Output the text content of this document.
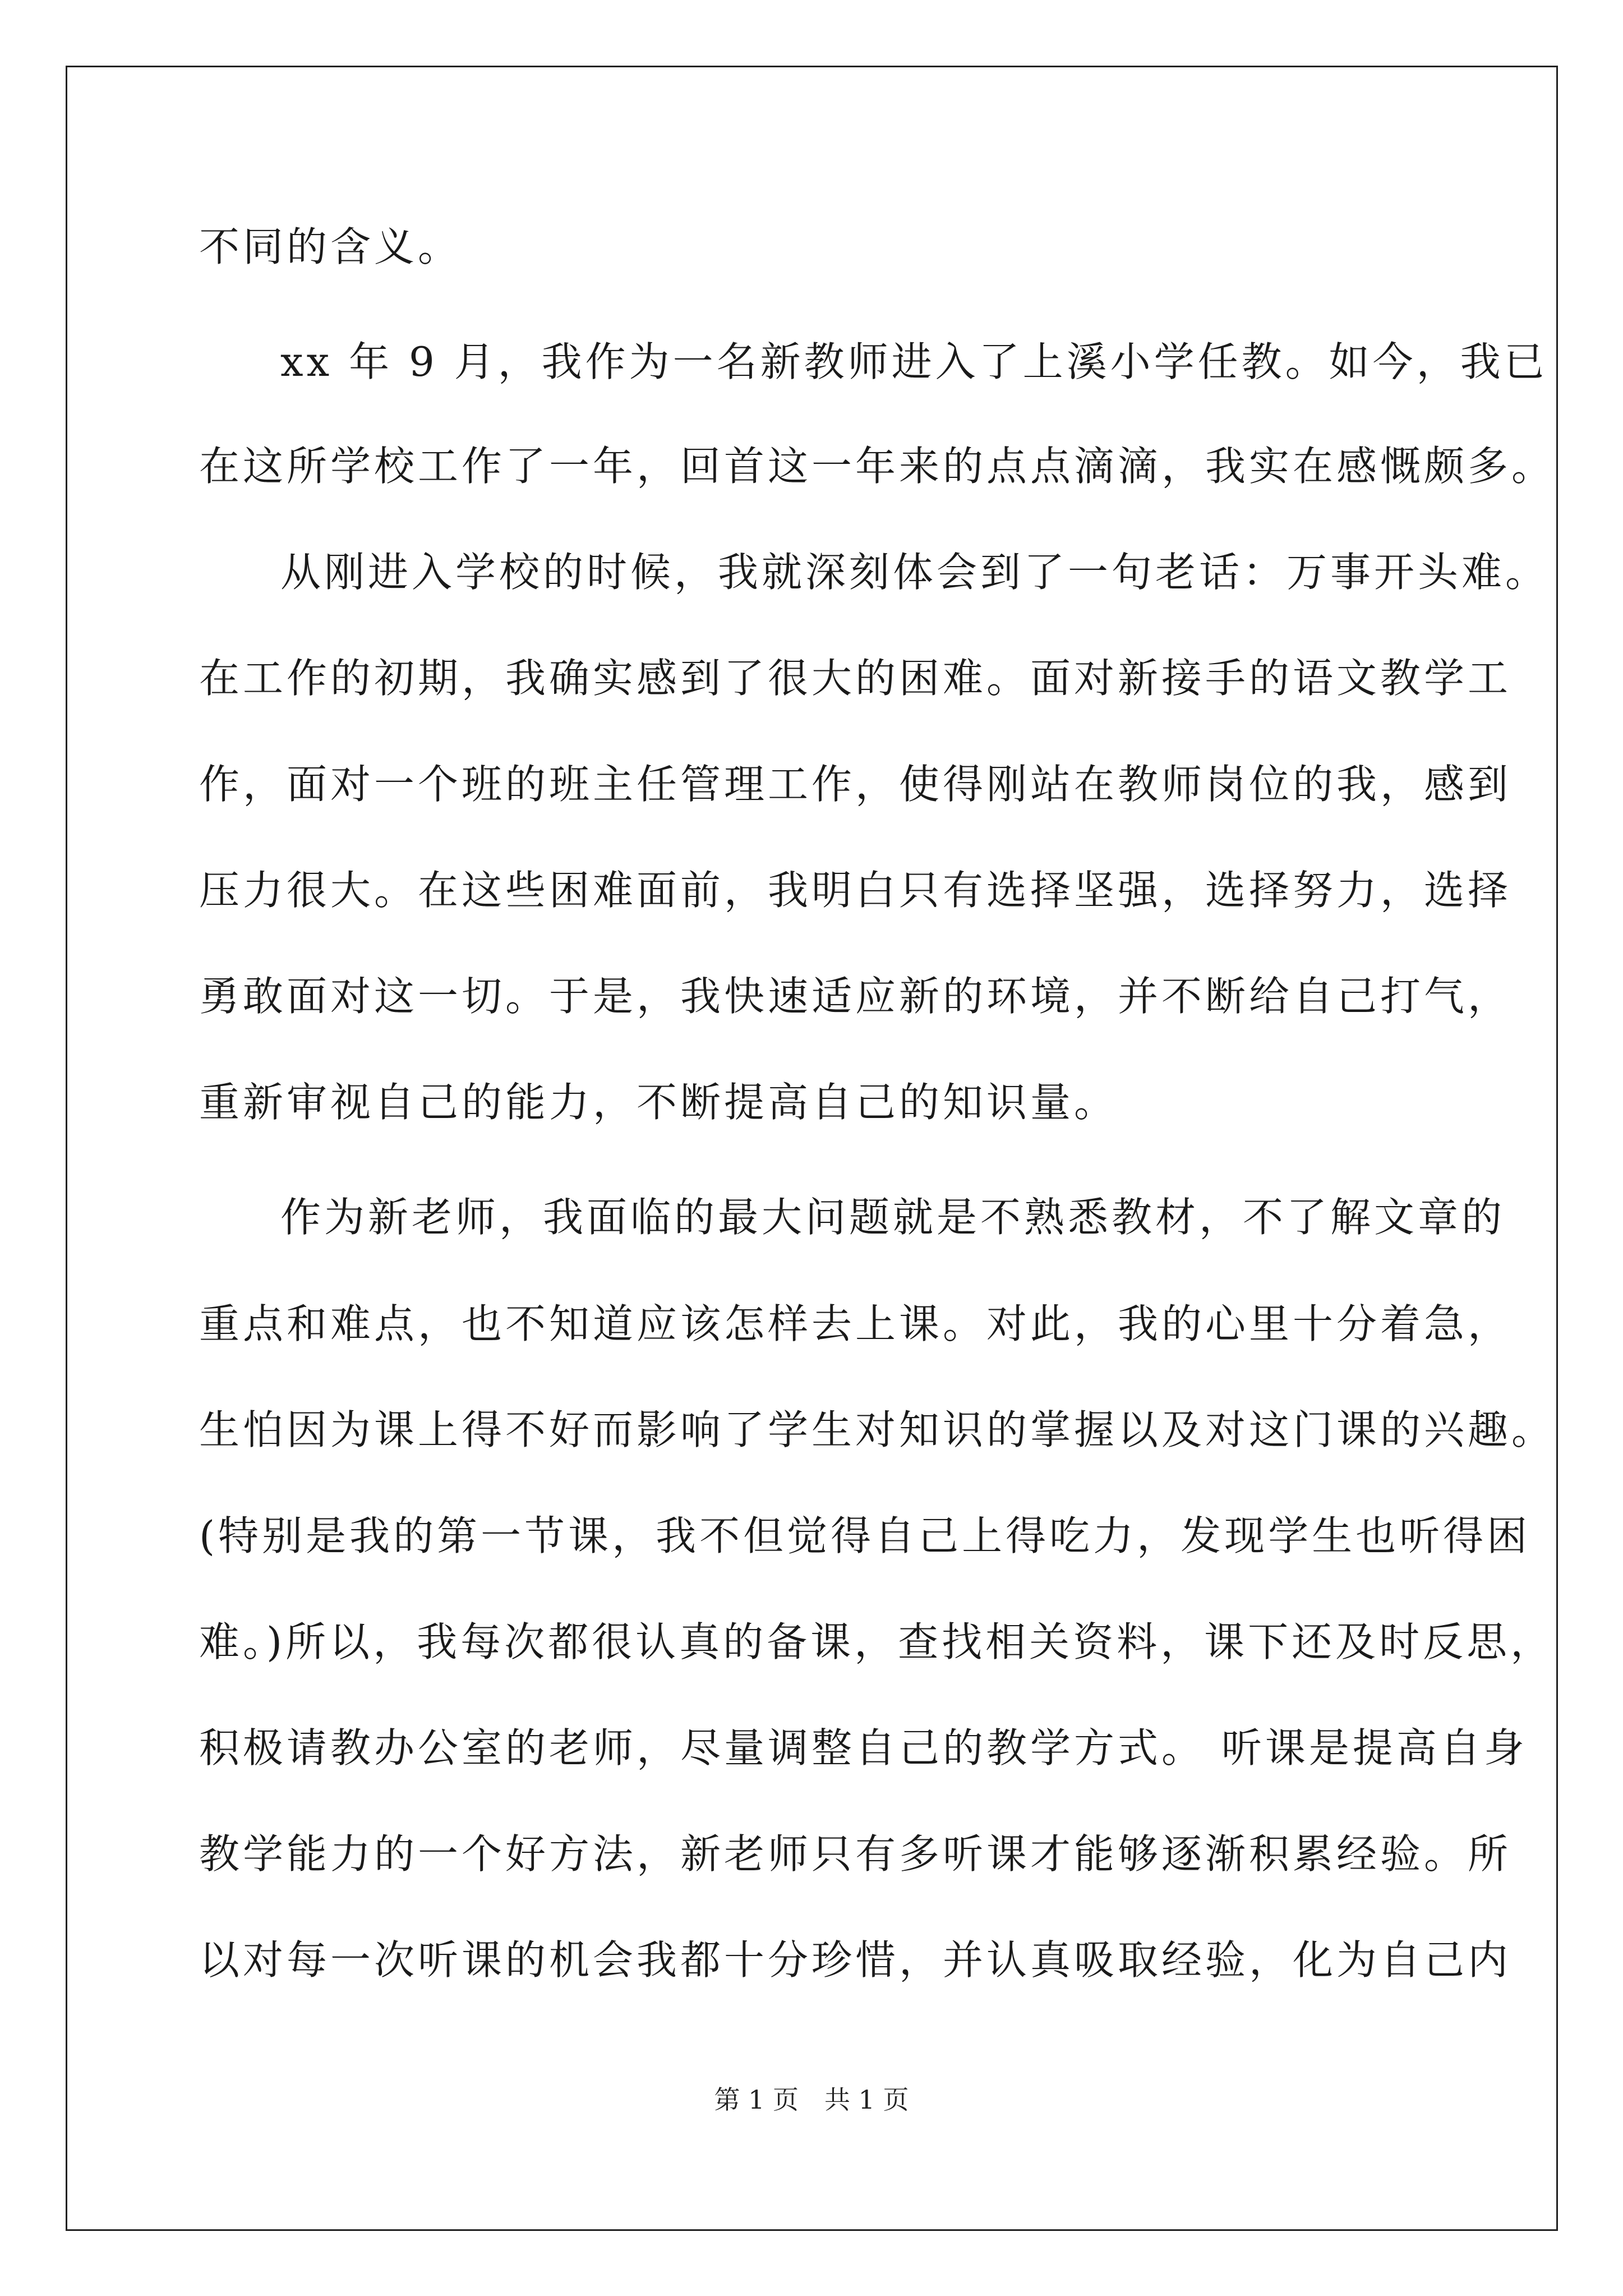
不同的含义。
xx 年 9 月，我作为一名新教师进入了上溪小学任教。如今，我已
在这所学校工作了一年，回首这一年来的点点滴滴，我实在感慨颇多。
从刚进入学校的时候，我就深刻体会到了一句老话：万事开头难。
在工作的初期，我确实感到了很大的困难。面对新接手的语文教学工
作，面对一个班的班主任管理工作，使得刚站在教师岗位的我，感到
压力很大。在这些困难面前，我明白只有选择坚强，选择努力，选择
勇敢面对这一切。于是，我快速适应新的环境，并不断给自己打气，
重新审视自己的能力，不断提高自己的知识量。
作为新老师，我面临的最大问题就是不熟悉教材，不了解文章的
重点和难点，也不知道应该怎样去上课。对此，我的心里十分着急，
生怕因为课上得不好而影响了学生对知识的掌握以及对这门课的兴趣。
(特别是我的第一节课，我不但觉得自己上得吃力，发现学生也听得困
难。)所以，我每次都很认真的备课，查找相关资料，课下还及时反思，
积极请教办公室的老师，尽量调整自己的教学方式。 听课是提高自身
教学能力的一个好方法，新老师只有多听课才能够逐渐积累经验。所
以对每一次听课的机会我都十分珍惜，并认真吸取经验，化为自己内
第 1 页　共 1 页
